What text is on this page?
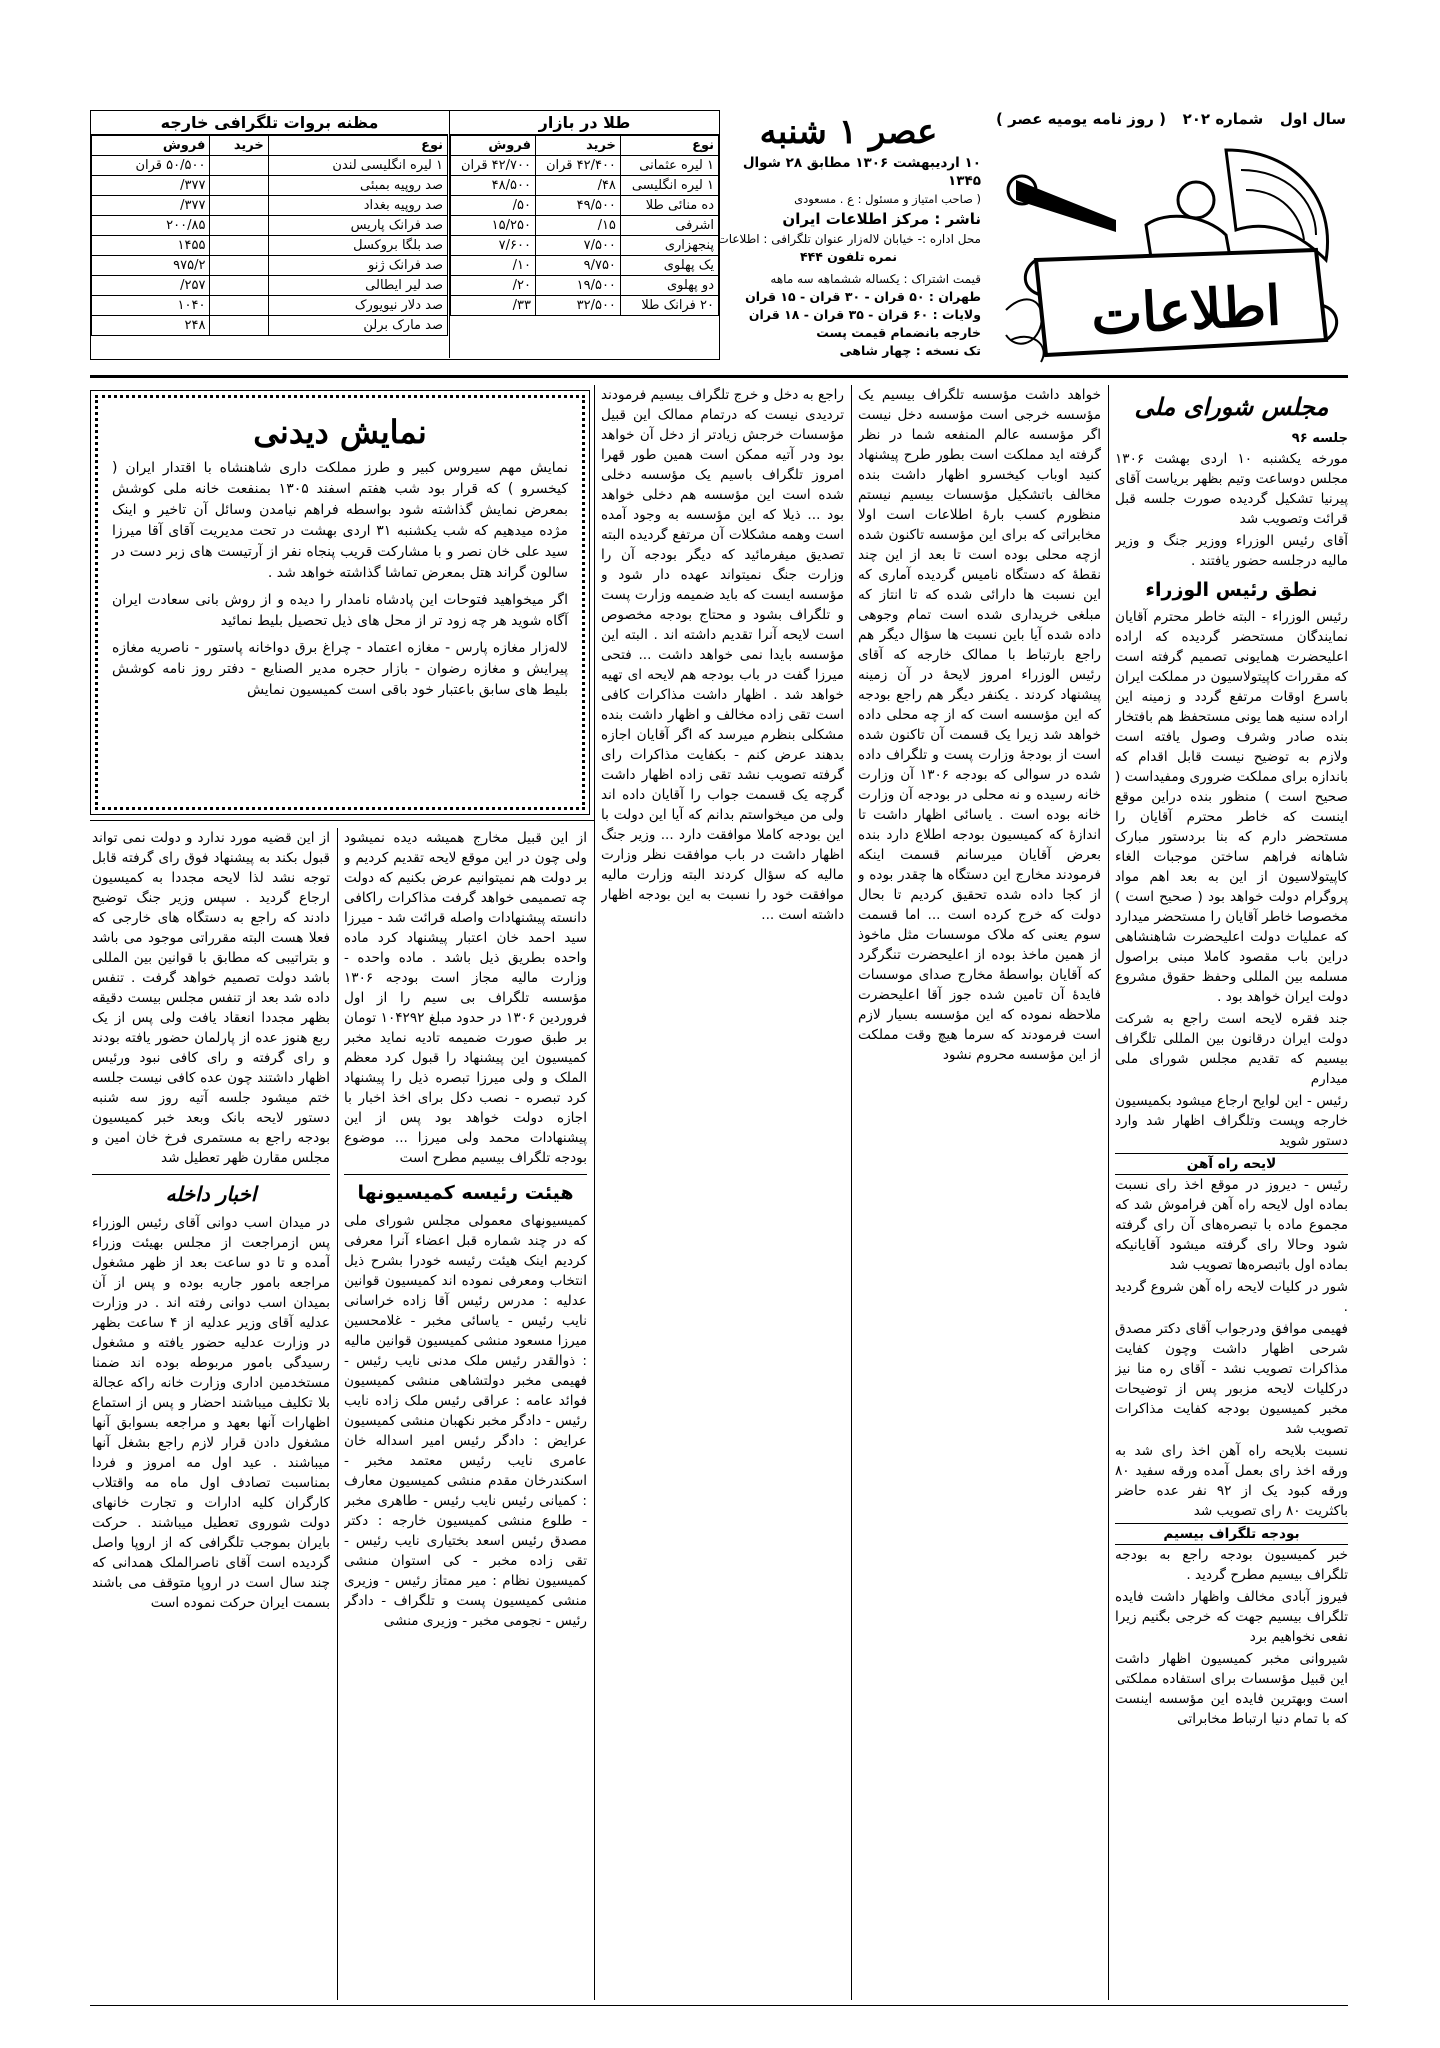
سال اول
شماره ۲۰۲
( روز نامه یومیه عصر )
اطلاعات
عصر ۱ شنبه
۱۰ اردیبهشت ۱۳۰۶ مطابق ۲۸ شوال ۱۳۴۵
( صاحب امتیاز و مسئول : ع . مسعودی
ناشر : مرکز اطلاعات ایران
محل اداره :- خیابان لاله‌زار عنوان تلگرافی : اطلاعات
نمره تلفون ۴۴۴
قیمت اشتراک : یکساله ششماهه سه ماهه
طهران : ۵۰ قران - ۳۰ قران - ۱۵ قران
ولایات : ۶۰ قران - ۳۵ قران - ۱۸ قران
خارجه بانضمام قیمت پست
تک نسخه : چهار شاهی
طلا در بازار
نوع	خرید	فروش
۱ لیره عثمانی	۴۲/۴۰۰ قران	۴۲/۷۰۰ قران
۱ لیره انگلیسی	۴۸/	۴۸/۵۰۰
ده منائی طلا	۴۹/۵۰۰	۵۰/
اشرفی	۱۵/	۱۵/۲۵۰
پنجهزاری	۷/۵۰۰	۷/۶۰۰
یک پهلوی	۹/۷۵۰	۱۰/
دو پهلوی	۱۹/۵۰۰	۲۰/
۲۰ فرانک طلا	۳۲/۵۰۰	۳۳/
مظنه بروات تلگرافی خارجه
نوع	خرید	فروش
۱ لیره انگلیسی لندن		۵۰/۵۰۰ قران
صد روپیه بمبئی		۳۷۷/
صد روپیه بغداد		۳۷۷/
صد فرانک پاریس		۲۰۰/۸۵
صد بلگا بروکسل		۱۴۵۵
صد فرانک ژنو		۹۷۵/۲
صد لیر ایطالی		۲۵۷/
صد دلار نیویورک		۱۰۴۰
صد مارک برلن		۲۴۸
مجلس شورای ملی
جلسه ۹۶

مورخه یکشنبه ۱۰ اردی بهشت ۱۳۰۶ مجلس دوساعت وتیم بظهر بریاست آقای پیرنیا تشکیل گردیده صورت جلسه قبل قرائت وتصویب شد

آقای رئیس الوزراء ووزیر جنگ و وزیر مالیه درجلسه حضور یافتند .

نطق رئیس الوزراء

رئیس الوزراء - البته خاطر محترم آقایان نمایندگان مستحضر گردیده که اراده اعلیحضرت همایونی تصمیم گرفته است که مقررات کاپیتولاسیون در مملکت ایران باسرع اوقات مرتفع گردد و زمینه این اراده سنیه هما یونی مستحفظ هم بافتخار بنده صادر وشرف وصول یافته است ولازم به توضیح نیست قابل اقدام که باندازه برای مملکت ضروری ومفیداست ( صحیح است ) منظور بنده دراین موقع اینست که خاطر محترم آقایان را مستحضر دارم که بنا بردستور مبارک شاهانه فراهم ساختن موجبات الغاء کاپیتولاسیون از این به بعد اهم مواد پروگرام دولت خواهد بود ( صحیح است ) مخصوصا خاطر آقایان را مستحضر میدارد که عملیات دولت اعلیحضرت شاهنشاهی دراین باب مقصود کاملا مبنی براصول مسلمه بین المللی وحفظ حقوق مشروع دولت ایران خواهد بود .

جند فقره لایحه است راجع به شرکت دولت ایران درقانون بین المللی تلگراف بیسیم که تقدیم مجلس شورای ملی میدارم

رئیس - این لوایح ارجاع میشود بکمیسیون خارجه وپست وتلگراف اظهار شد وارد دستور شوید

لایحه راه آهن

رئیس - دیروز در موقع اخذ رای نسبت بماده اول لایحه راه آهن فراموش شد که مجموع ماده با تبصره‌های آن رای گرفته شود وحالا رای گرفته میشود آقایانیکه بماده اول باتبصره‌ها تصویب شد

شور در کلیات لایحه راه آهن شروع گردید .

فهیمی موافق ودرجواب آقای دکتر مصدق شرحی اظهار داشت وچون کفایت مذاکرات تصویب نشد - آقای ره منا نیز درکلیات لایحه مزبور پس از توضیحات مخبر کمیسیون بودجه کفایت مذاکرات تصویب شد

نسبت بلایحه راه آهن اخذ رای شد به ورقه اخذ رای بعمل آمده ورقه سفید ۸۰ ورقه کبود یک از ۹۲ نفر عده حاضر باکثریت ۸۰ رای تصویب شد

بودجه تلگراف بیسیم

خبر کمیسیون بودجه راجع به بودجه تلگراف بیسیم مطرح گردید .

فیروز آبادی مخالف واظهار داشت فایده تلگراف بیسیم جهت که خرجی بگنیم زیرا نفعی نخواهیم برد

شیروانی مخبر کمیسیون اظهار داشت این قبیل مؤسسات برای استفاده مملکتی است وبهترین فایده این مؤسسه اینست که با تمام دنیا ارتباط مخابراتی

خواهد داشت مؤسسه تلگراف بیسیم یک مؤسسه خرجی است مؤسسه دخل نیست اگر مؤسسه عالم المنفعه شما در نظر گرفته اید مملکت است بطور طرح پیشنهاد کنید اوباب کیخسرو اظهار داشت بنده مخالف باتشکیل مؤسسات بیسیم نیستم منظورم کسب بارهٔ اطلاعات است اولا مخابراتی که برای این مؤسسه تاکنون شده ازچه محلی بوده است تا بعد از این چند نقطهٔ که دستگاه نامیس گردیده آماری که این نسبت ها دارائی شده که تا انتاز که مبلغی خریداری شده است تمام وجوهی داده شده آیا باین نسبت ها سؤال دیگر هم راجع بارتباط با ممالک خارجه که آقای رئیس الوزراء امروز لایحهٔ در آن زمینه پیشنهاد کردند . یکنفر دیگر هم راجع بودجه که این مؤسسه است که از چه محلی داده خواهد شد زیرا یک قسمت آن تاکنون شده است از بودجهٔ وزارت پست و تلگراف داده شده در سوالی که بودجه ۱۳۰۶ آن وزارت خانه رسیده و نه محلی در بودجه آن وزارت خانه بوده است . یاسائی اظهار داشت تا اندازهٔ که کمیسیون بودجه اطلاع دارد بنده بعرض آقایان میرسانم قسمت اینکه فرمودند مخارج این دستگاه ها چقدر بوده و از کجا داده شده تحقیق کردیم تا بحال دولت که خرج کرده است ... اما قسمت سوم یعنی که ملاک موسسات مثل ماخوذ از همین ماخذ بوده از اعلیحضرت تنگرگرد که آقایان بواسطهٔ مخارج صدای موسسات فایدهٔ آن تامین شده جوز آقا اعلیحضرت ملاحظه نموده که این مؤسسه بسیار لازم است فرمودند که سرما هیچ وقت مملکت از این مؤسسه محروم نشود

راجع به دخل و خرج تلگراف بیسیم فرمودند تردیدی نیست که درتمام ممالک این قبیل مؤسسات خرجش زیادتر از دخل آن خواهد بود ودر آتیه ممکن است همین طور قهرا امروز تلگراف باسیم یک مؤسسه دخلی شده است این مؤسسه هم دخلی خواهد بود ... ذیلا که این مؤسسه به وجود آمده است وهمه مشکلات آن مرتفع گردیده البته تصدیق میفرمائید که دیگر بودجه آن را وزارت جنگ نمیتواند عهده دار شود و مؤسسه ایست که باید ضمیمه وزارت پست و تلگراف بشود و محتاج بودجه مخصوص است لایحه آنرا تقدیم داشته اند . البته این مؤسسه بایدا نمی خواهد داشت ... فتحی میرزا گفت در باب بودجه هم لایحه ای تهیه خواهد شد . اظهار داشت مذاکرات کافی است تقی زاده مخالف و اظهار داشت بنده مشکلی بنظرم میرسد که اگر آقایان اجازه بدهند عرض کنم - بکفایت مذاکرات رای گرفته تصویب نشد تقی زاده اظهار داشت گرچه یک قسمت جواب را آقایان داده اند ولی من میخواستم بدانم که آیا این دولت با این بودجه کاملا موافقت دارد ... وزیر جنگ اظهار داشت در باب موافقت نظر وزارت مالیه که سؤال کردند البته وزارت مالیه موافقت خود را نسبت به این بودجه اظهار داشته است ...

نمایش دیدنی

نمایش مهم سیروس کبیر و طرز مملکت داری شاهنشاه با اقتدار ایران ( کیخسرو ) که قرار بود شب هفتم اسفند ۱۳۰۵ بمنفعت خانه ملی کوشش بمعرض نمایش گذاشته شود بواسطه فراهم نیامدن وسائل آن تاخیر و اینک مژده میدهیم که شب یکشنبه ۳۱ اردی بهشت در تحت مدیریت آقای آقا میرزا سید علی خان نصر و با مشارکت قریب پنجاه نفر از آرتیست های زبر دست در سالون گراند هتل بمعرض تماشا گذاشته خواهد شد .

اگر میخواهید فتوحات این پادشاه نامدار را دیده و از روش بانی سعادت ایران آگاه شوید هر چه زود تر از محل های ذیل تحصیل بلیط نمائید

لاله‌زار مغازه پارس - مغازه اعتماد - چراغ برق دواخانه پاستور - ناصریه مغازه پیرایش و مغازه رضوان - بازار حجره مدیر الصنایع - دفتر روز نامه کوشش بلیط های سابق باعتبار خود باقی است کمیسیون نمایش

از این قبیل مخارج همیشه دیده نمیشود ولی چون در این موقع لایحه تقدیم کردیم و بر دولت هم نمیتوانیم عرض بکنیم که دولت چه تصمیمی خواهد گرفت مذاکرات راکافی دانسته پیشنهادات واصله قرائت شد - میرزا سید احمد خان اعتبار پیشنهاد کرد ماده واحده بطریق ذیل باشد . ماده واحده - وزارت مالیه مجاز است بودجه ۱۳۰۶ مؤسسه تلگراف بی سیم را از اول فروردین ۱۳۰۶ در حدود مبلغ ۱۰۴۲۹۲ تومان بر طبق صورت ضمیمه تادیه نماید مخبر کمیسیون این پیشنهاد را قبول کرد معظم الملک و ولی میرزا تبصره ذیل را پیشنهاد کرد تبصره - نصب دکل برای اخذ اخبار با اجازه دولت خواهد بود پس از این پیشنهادات محمد ولی میرزا ... موضوع بودجه تلگراف بیسیم مطرح است

هیئت رئیسه کمیسیونها

کمیسیونهای معمولی مجلس شورای ملی که در چند شماره قبل اعضاء آنرا معرفی کردیم اینک هیئت رئیسه خودرا بشرح ذیل انتخاب ومعرفی نموده اند کمیسیون قوانین عدلیه : مدرس رئیس آقا زاده خراسانی نایب رئیس - یاسائی مخبر - غلامحسین میرزا مسعود منشی کمیسیون قوانین مالیه : ذوالقدر رئیس ملک مدنی نایب رئیس - فهیمی مخبر دولتشاهی منشی کمیسیون فوائد عامه : عراقی رئیس ملک زاده نایب رئیس - دادگر مخبر نکهبان منشی کمیسیون عرایض : دادگر رئیس امیر اسداله خان عامری نایب رئیس معتمد مخبر - اسکندرخان مقدم منشی کمیسیون معارف : کمیانی رئیس نایب رئیس - طاهری مخبر - طلوع منشی کمیسیون خارجه : دکتر مصدق رئیس اسعد بختیاری نایب رئیس - تقی زاده مخبر - کی استوان منشی کمیسیون نظام : میر ممتاز رئیس - وزیری منشی کمیسیون پست و تلگراف - دادگر رئیس - نجومی مخبر - وزیری منشی

از این قضیه مورد ندارد و دولت نمی تواند قبول بکند به پیشنهاد فوق رای گرفته قابل توجه نشد لذا لایحه مجددا به کمیسیون ارجاع گردید . سپس وزیر جنگ توضیح دادند که راجع به دستگاه های خارجی که فعلا هست البته مقرراتی موجود می باشد و بتراتیبی که مطابق با قوانین بین المللی باشد دولت تصمیم خواهد گرفت . تنفس داده شد بعد از تنفس مجلس بیست دقیقه بظهر مجددا انعقاد یافت ولی پس از یک ربع هنوز عده از پارلمان حضور یافته بودند و رای گرفته و رای کافی نبود ورئیس اظهار داشتند چون عده کافی نیست جلسه ختم میشود جلسه آتیه روز سه شنبه دستور لایحه بانک وبعد خبر کمیسیون بودجه راجع به مستمری فرخ خان امین و مجلس مقارن ظهر تعطیل شد

اخبار داخله

در میدان اسب دوانی آقای رئیس الوزراء پس ازمراجعت از مجلس بهیئت وزراء آمده و تا دو ساعت بعد از ظهر مشغول مراجعه بامور جاریه بوده و پس از آن بمیدان اسب دوانی رفته اند . در وزارت عدلیه آقای وزیر عدلیه از ۴ ساعت بظهر در وزارت عدلیه حضور یافته و مشغول رسیدگی بامور مربوطه بوده اند ضمنا مستخدمین اداری وزارت خانه راکه عجالة بلا تکلیف میباشند احضار و پس از استماع اظهارات آنها بعهد و مراجعه بسوابق آنها مشغول دادن قرار لازم راجع بشغل آنها میباشند . عید اول مه امروز و فردا بمناسبت تصادف اول ماه مه واقتلاب کارگران کلیه ادارات و تجارت خانهای دولت شوروی تعطیل میباشند . حرکت بایران بموجب تلگرافی که از اروپا واصل گردیده است آقای ناصرالملک همدانی که چند سال است در اروپا متوقف می باشند بسمت ایران حرکت نموده است
